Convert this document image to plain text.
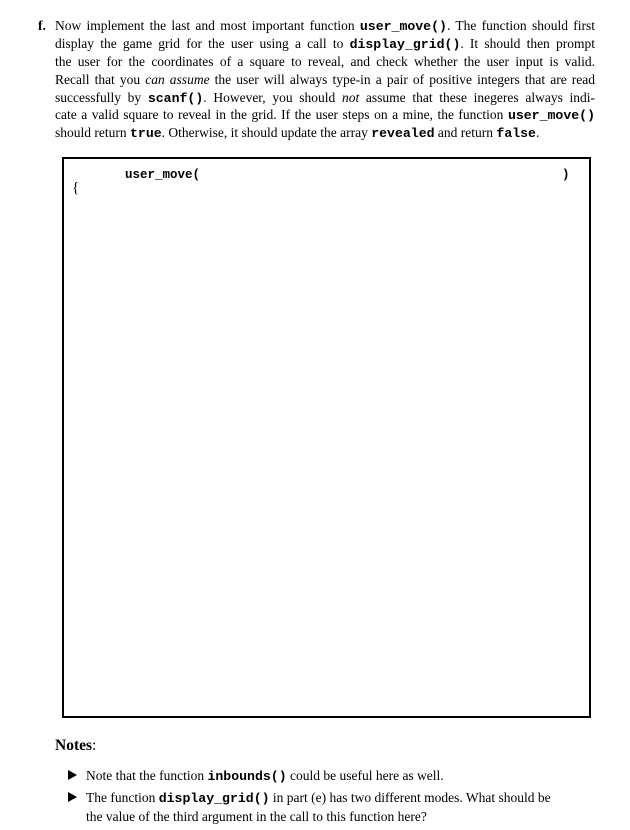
f. Now implement the last and most important function user_move(). The function should first
display the game grid for the user using a call to display_grid(). It should then prompt
the user for the coordinates of a square to reveal, and check whether the user input is valid.
Recall that you can assume the user will always type-in a pair of positive integers that are read
successfully by scanf(). However, you should not assume that these inegeres always indi-
cate a valid square to reveal in the grid. If the user steps on a mine, the function user_move()
should return true. Otherwise, it should update the array revealed and return false.
user_move(	)
{
Notes:
Note that the function inbounds() could be useful here as well.
The function display_grid() in part (e) has two different modes. What should be
the value of the third argument in the call to this function here?
